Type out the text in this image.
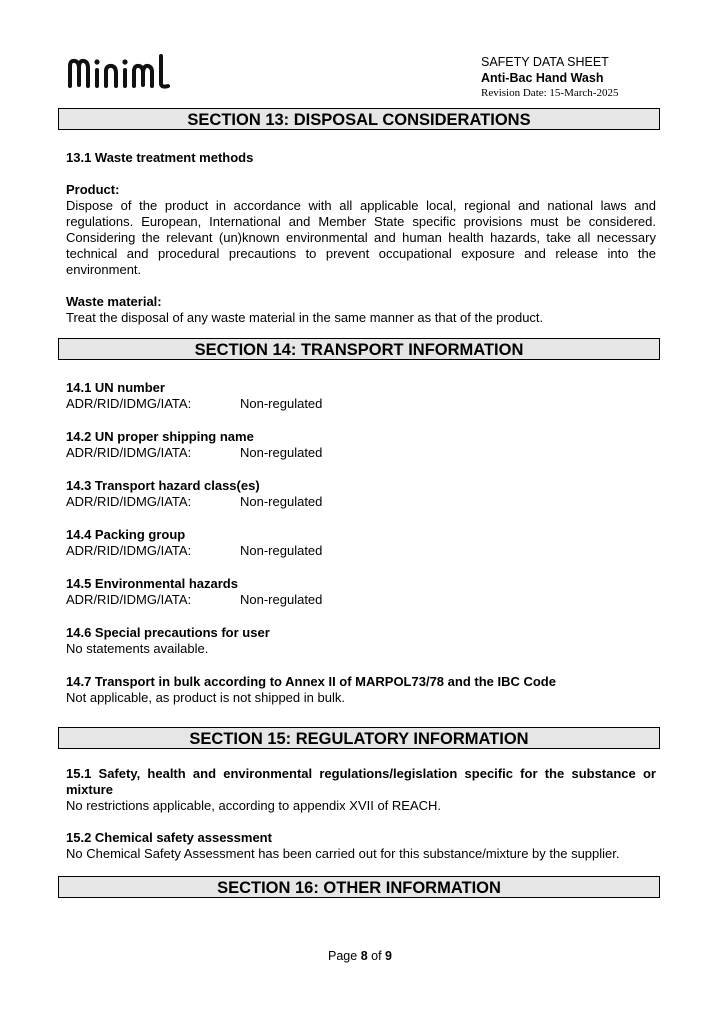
SAFETY DATA SHEET
Anti-Bac Hand Wash
Revision Date: 15-March-2025
SECTION 13: DISPOSAL CONSIDERATIONS
13.1 Waste treatment methods
Product:
Dispose of the product in accordance with all applicable local, regional and national laws and regulations. European, International and Member State specific provisions must be considered. Considering the relevant (un)known environmental and human health hazards, take all necessary technical and procedural precautions to prevent occupational exposure and release into the environment.
Waste material:
Treat the disposal of any waste material in the same manner as that of the product.
SECTION 14: TRANSPORT INFORMATION
14.1 UN number
ADR/RID/IDMG/IATA:	Non-regulated
14.2 UN proper shipping name
ADR/RID/IDMG/IATA:	Non-regulated
14.3 Transport hazard class(es)
ADR/RID/IDMG/IATA:	Non-regulated
14.4 Packing group
ADR/RID/IDMG/IATA:	Non-regulated
14.5 Environmental hazards
ADR/RID/IDMG/IATA:	Non-regulated
14.6 Special precautions for user
No statements available.
14.7 Transport in bulk according to Annex II of MARPOL73/78 and the IBC Code
Not applicable, as product is not shipped in bulk.
SECTION 15: REGULATORY INFORMATION
15.1 Safety, health and environmental regulations/legislation specific for the substance or mixture
No restrictions applicable, according to appendix XVII of REACH.
15.2 Chemical safety assessment
No Chemical Safety Assessment has been carried out for this substance/mixture by the supplier.
SECTION 16: OTHER INFORMATION
Page 8 of 9
